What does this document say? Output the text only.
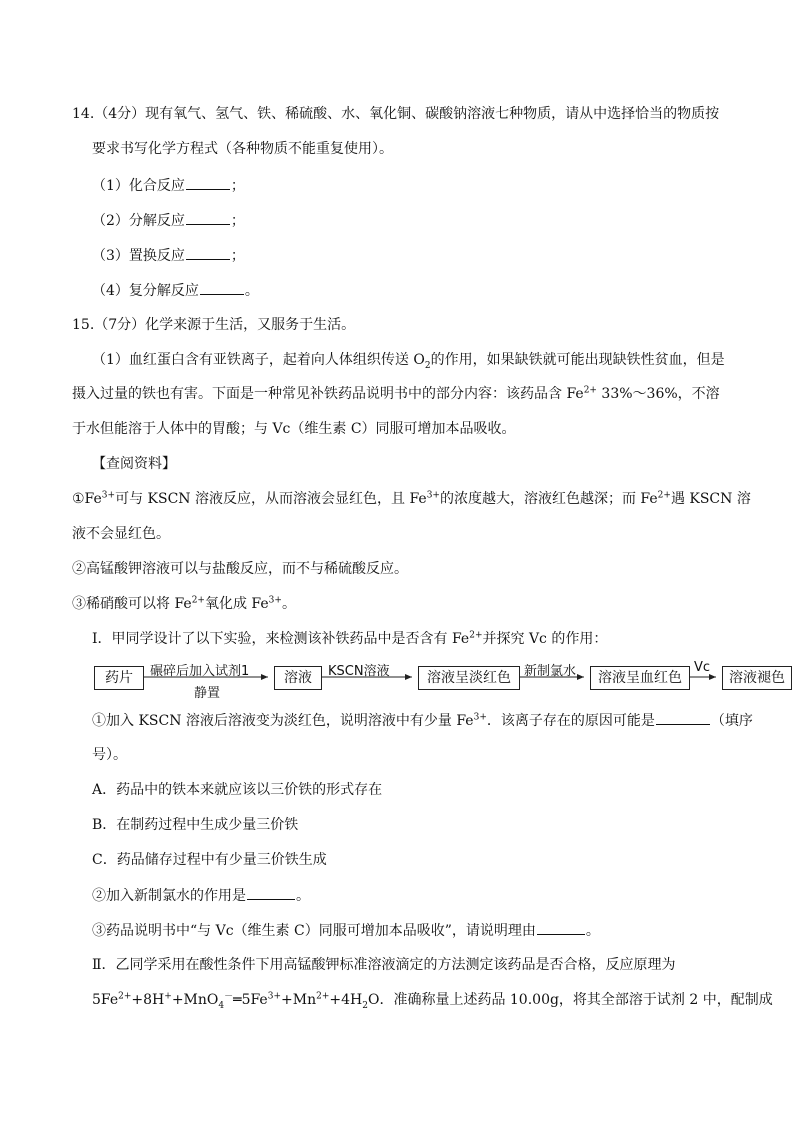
14.（4分）现有氧气、氢气、铁、稀硫酸、水、氧化铜、碳酸钠溶液七种物质，请从中选择恰当的物质按
要求书写化学方程式（各种物质不能重复使用）。
（1）化合反应	；
（2）分解反应	；
（3）置换反应	；
（4）复分解反应	。
15.（7分）化学来源于生活，又服务于生活。
（1）血红蛋白含有亚铁离子，起着向人体组织传送 $O_2$的作用，如果缺铁就可能出现缺铁性贫血，但是
摄入过量的铁也有害。下面是一种常见补铁药品说明书中的部分内容：该药品含 $Fe^{2+}$ 33%～36%，不溶
于水但能溶于人体中的胃酸；与 Vc（维生素 C）同服可增加本品吸收。
【查阅资料】
$①Fe^{3+}$可与 KSCN 溶液反应，从而溶液会显红色，且 $Fe^{3+}$的浓度越大，溶液红色越深；而 $Fe^{2+}$遇 KSCN 溶
液不会显红色。
②高锰酸钾溶液可以与盐酸反应，而不与稀硫酸反应。
③稀硝酸可以将 $Fe^{2+}$氧化成 $Fe^{3+}$。
Ⅰ．甲同学设计了以下实验，来检测该补铁药品中是否含有 $Fe^{2+}$并探究 Vc 的作用：
药片	碾碎后加入试剂1
静置
溶液	KSCN溶液	溶液呈淡红色	新制氯水	溶液呈血红色
Vc
溶液褪色
①加入 KSCN 溶液后溶液变为淡红色，说明溶液中有少量 $Fe^{3+}$．该离子存在的原因可能是	（填序
号）。
A．药品中的铁本来就应该以三价铁的形式存在
B．在制药过程中生成少量三价铁
C．药品储存过程中有少量三价铁生成
②加入新制氯水的作用是	。
③药品说明书中“与 Vc（维生素 C）同服可增加本品吸收”，请说明理由	。
Ⅱ．乙同学采用在酸性条件下用高锰酸钾标准溶液滴定的方法测定该药品是否合格，反应原理为
$5Fe^{2+}+8H^++MnO_4^-═5Fe^{3+}+Mn^{2+}+4H_2O$．准确称量上述药品 10.00g，将其全部溶于试剂 2 中，配制成
